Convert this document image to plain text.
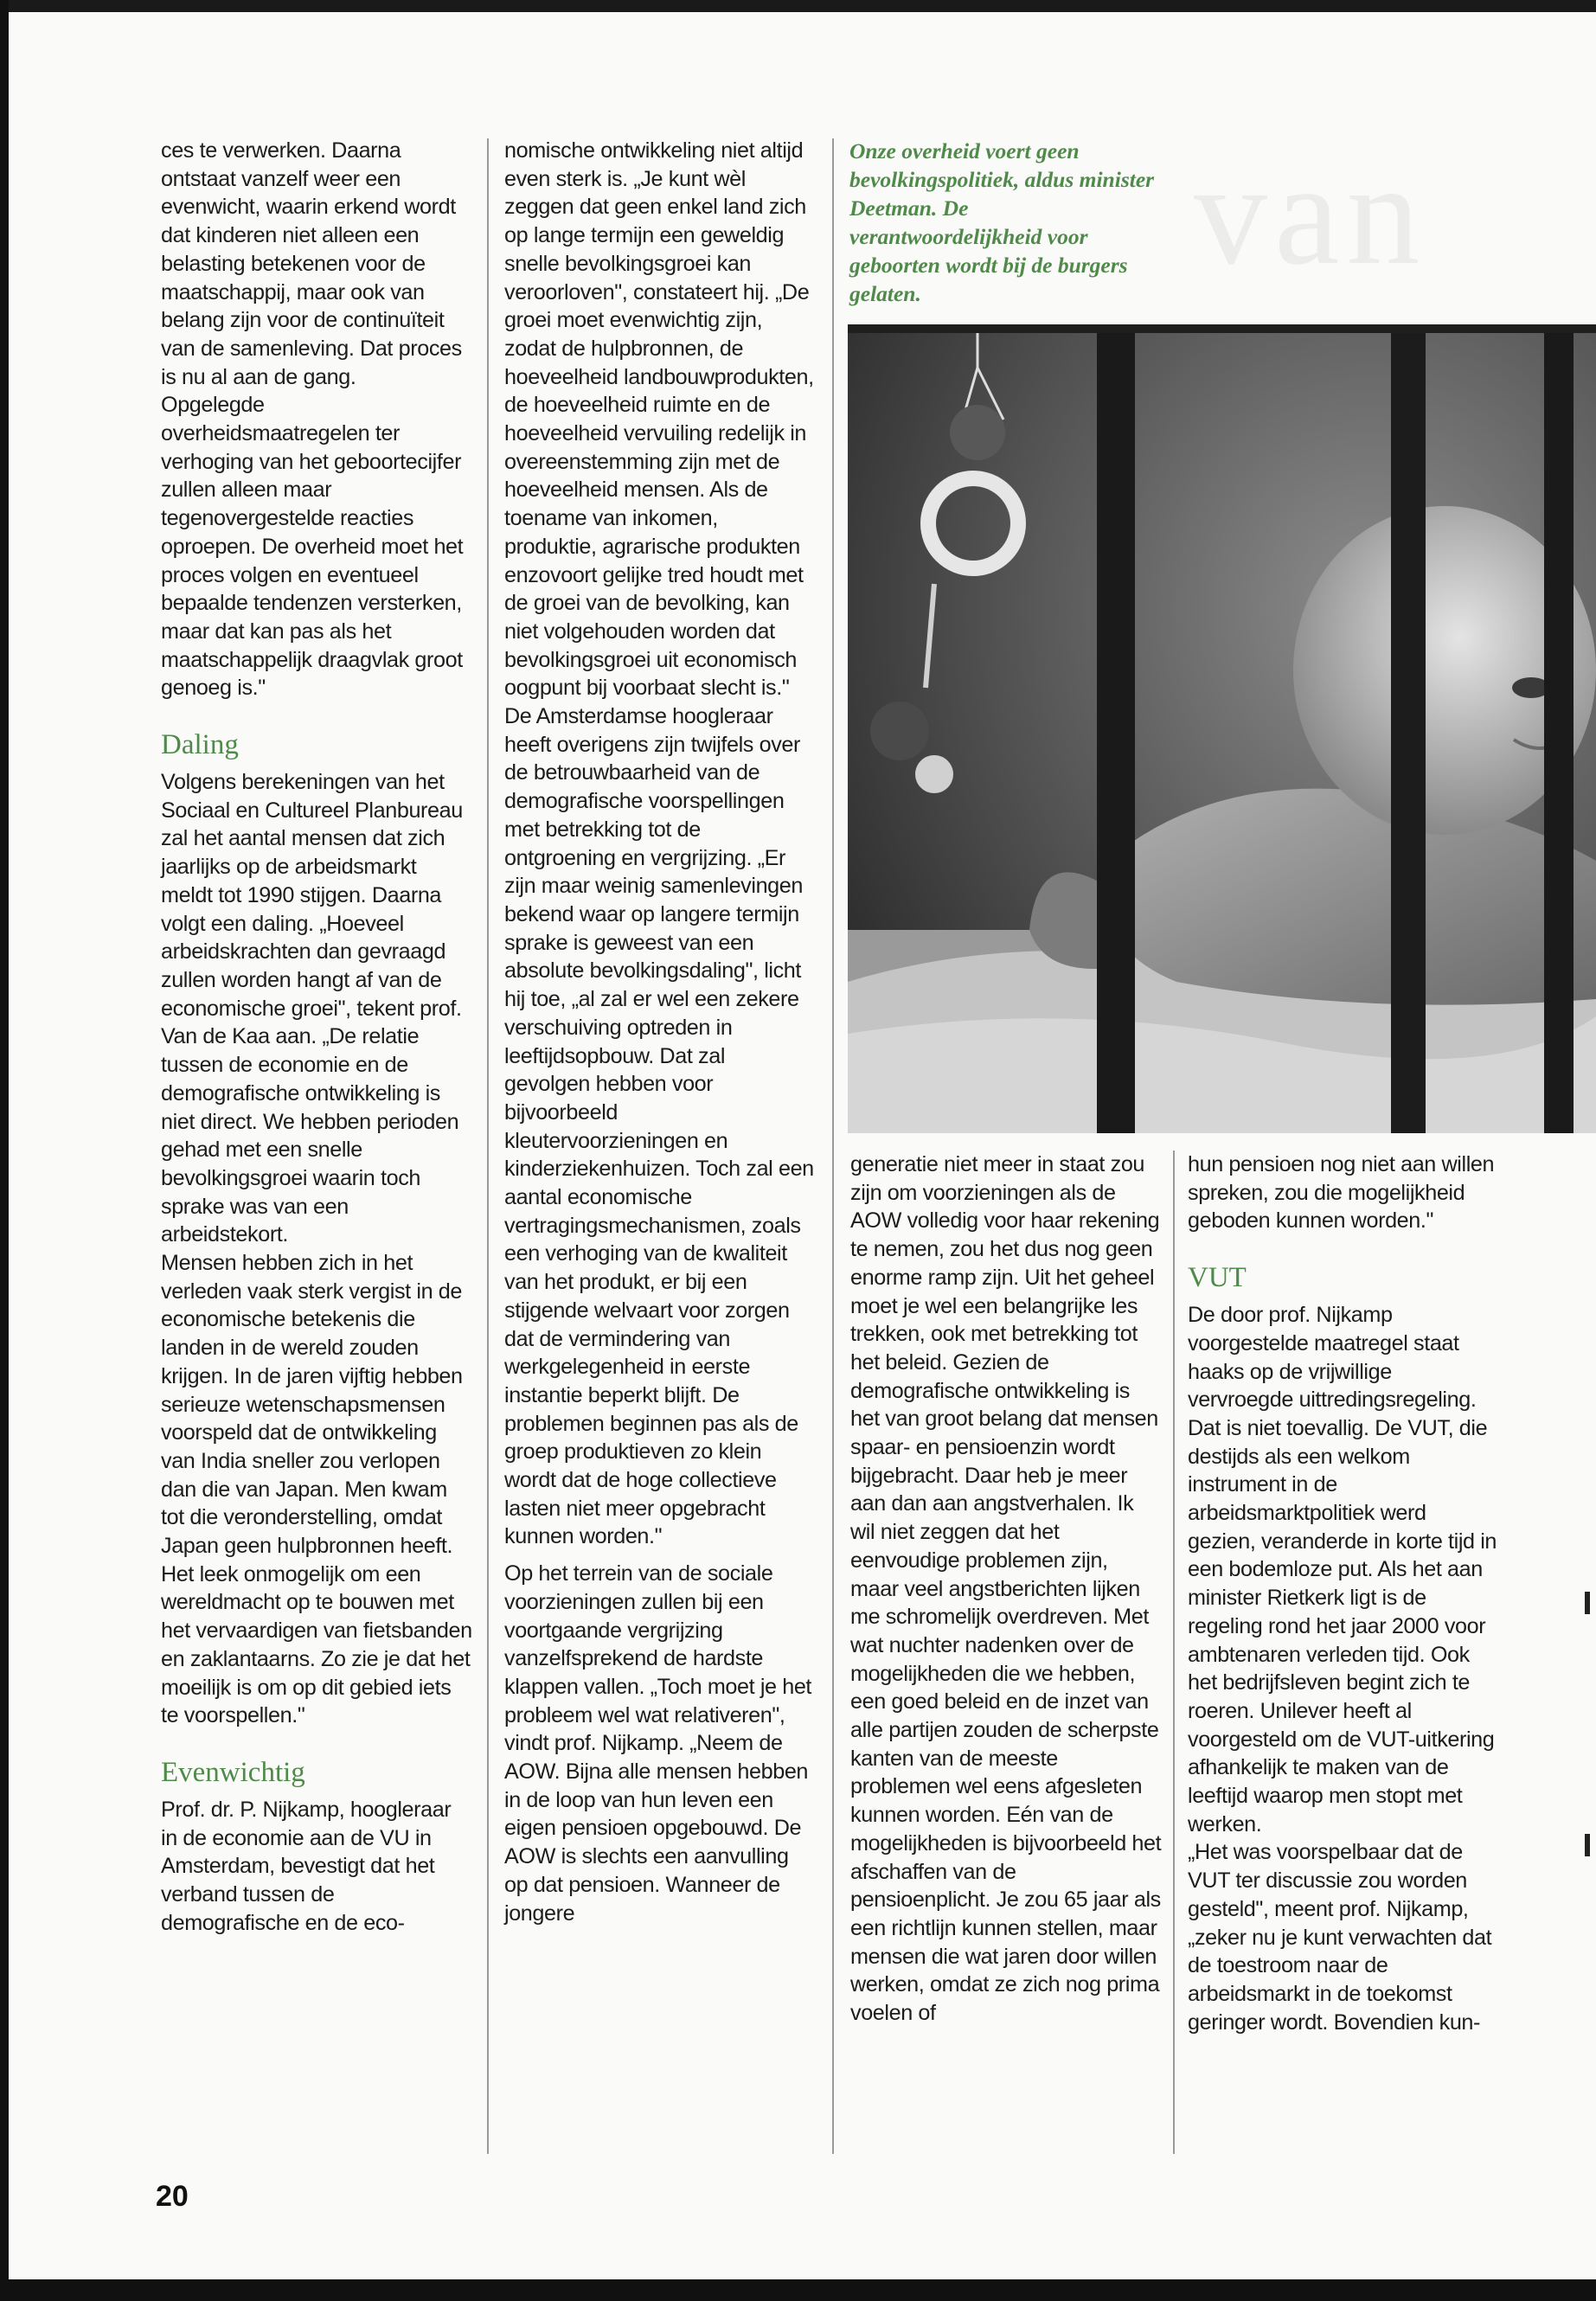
van

ces te verwerken. Daarna ontstaat vanzelf weer een evenwicht, waarin erkend wordt dat kinderen niet alleen een belasting betekenen voor de maatschappij, maar ook van belang zijn voor de continuïteit van de samenleving. Dat proces is nu al aan de gang.

Opgelegde overheidsmaatregelen ter verhoging van het geboortecijfer zullen alleen maar tegenovergestelde reacties oproepen. De overheid moet het proces volgen en eventueel bepaalde tendenzen versterken, maar dat kan pas als het maatschappelijk draagvlak groot genoeg is."

Daling

Volgens berekeningen van het Sociaal en Cultureel Planbureau zal het aantal mensen dat zich jaarlijks op de arbeidsmarkt meldt tot 1990 stijgen. Daarna volgt een daling. „Hoeveel arbeidskrachten dan gevraagd zullen worden hangt af van de economische groei", tekent prof. Van de Kaa aan. „De relatie tussen de economie en de demografische ontwikkeling is niet direct. We hebben perioden gehad met een snelle bevolkingsgroei waarin toch sprake was van een arbeidstekort.

Mensen hebben zich in het verleden vaak sterk vergist in de economische betekenis die landen in de wereld zouden krijgen. In de jaren vijftig hebben serieuze wetenschapsmensen voorspeld dat de ontwikkeling van India sneller zou verlopen dan die van Japan. Men kwam tot die veronderstelling, omdat Japan geen hulpbronnen heeft. Het leek onmogelijk om een wereldmacht op te bouwen met het vervaardigen van fietsbanden en zaklantaarns. Zo zie je dat het moeilijk is om op dit gebied iets te voorspellen."

Evenwichtig

Prof. dr. P. Nijkamp, hoogleraar in de economie aan de VU in Amsterdam, bevestigt dat het verband tussen de demografische en de eco-

nomische ontwikkeling niet altijd even sterk is. „Je kunt wèl zeggen dat geen enkel land zich op lange termijn een geweldig snelle bevolkingsgroei kan veroorloven", constateert hij. „De groei moet evenwichtig zijn, zodat de hulpbronnen, de hoeveelheid landbouwprodukten, de hoeveelheid ruimte en de hoeveelheid vervuiling redelijk in overeenstemming zijn met de hoeveelheid mensen. Als de toename van inkomen, produktie, agrarische produkten enzovoort gelijke tred houdt met de groei van de bevolking, kan niet volgehouden worden dat bevolkingsgroei uit economisch oogpunt bij voorbaat slecht is."

De Amsterdamse hoogleraar heeft overigens zijn twijfels over de betrouwbaarheid van de demografische voorspellingen met betrekking tot de ontgroening en vergrijzing. „Er zijn maar weinig samenlevingen bekend waar op langere termijn sprake is geweest van een absolute bevolkingsdaling", licht hij toe, „al zal er wel een zekere verschuiving optreden in leeftijdsopbouw. Dat zal gevolgen hebben voor bijvoorbeeld kleutervoorzieningen en kinderziekenhuizen. Toch zal een aantal economische vertragingsmechanismen, zoals een verhoging van de kwaliteit van het produkt, er bij een stijgende welvaart voor zorgen dat de vermindering van werkgelegenheid in eerste instantie beperkt blijft. De problemen beginnen pas als de groep produktieven zo klein wordt dat de hoge collectieve lasten niet meer opgebracht kunnen worden."

Op het terrein van de sociale voorzieningen zullen bij een voortgaande vergrijzing vanzelfsprekend de hardste klappen vallen. „Toch moet je het probleem wel wat relativeren", vindt prof. Nijkamp. „Neem de AOW. Bijna alle mensen hebben in de loop van hun leven een eigen pensioen opgebouwd. De AOW is slechts een aanvulling op dat pensioen. Wanneer de jongere

Onze overheid voert geen bevolkingspolitiek, aldus minister Deetman. De verantwoordelijkheid voor geboorten wordt bij de burgers gelaten.

generatie niet meer in staat zou zijn om voorzieningen als de AOW volledig voor haar rekening te nemen, zou het dus nog geen enorme ramp zijn. Uit het geheel moet je wel een belangrijke les trekken, ook met betrekking tot het beleid. Gezien de demografische ontwikkeling is het van groot belang dat mensen spaar- en pensioenzin wordt bijgebracht. Daar heb je meer aan dan aan angstverhalen. Ik wil niet zeggen dat het eenvoudige problemen zijn, maar veel angstberichten lijken me schromelijk overdreven. Met wat nuchter nadenken over de mogelijkheden die we hebben, een goed beleid en de inzet van alle partijen zouden de scherpste kanten van de meeste problemen wel eens afgesleten kunnen worden. Eén van de mogelijkheden is bijvoorbeeld het afschaffen van de pensioenplicht. Je zou 65 jaar als een richtlijn kunnen stellen, maar mensen die wat jaren door willen werken, omdat ze zich nog prima voelen of

hun pensioen nog niet aan willen spreken, zou die mogelijkheid geboden kunnen worden."

VUT

De door prof. Nijkamp voorgestelde maatregel staat haaks op de vrijwillige vervroegde uittredingsregeling. Dat is niet toevallig. De VUT, die destijds als een welkom instrument in de arbeidsmarktpolitiek werd gezien, veranderde in korte tijd in een bodemloze put. Als het aan minister Rietkerk ligt is de regeling rond het jaar 2000 voor ambtenaren verleden tijd. Ook het bedrijfsleven begint zich te roeren. Unilever heeft al voorgesteld om de VUT-uitkering afhankelijk te maken van de leeftijd waarop men stopt met werken.

„Het was voorspelbaar dat de VUT ter discussie zou worden gesteld", meent prof. Nijkamp, „zeker nu je kunt verwachten dat de toestroom naar de arbeidsmarkt in de toekomst geringer wordt. Bovendien kun-

20
